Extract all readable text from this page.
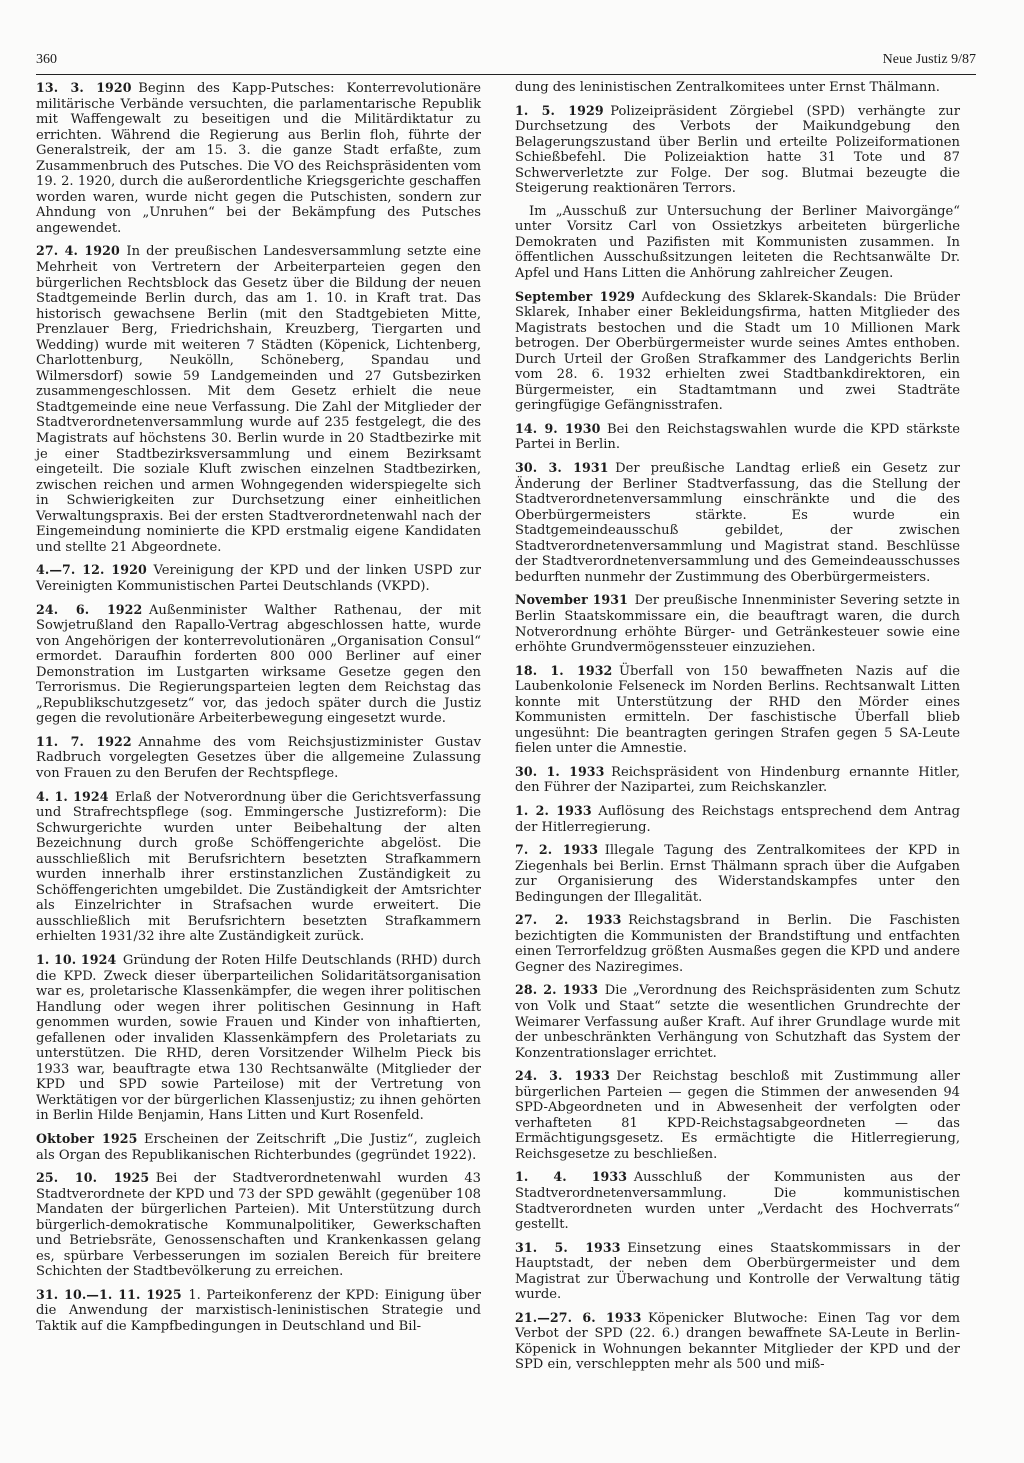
360	Neue Justiz 9/87

13. 3. 1920  Beginn des Kapp-Putsches: Konterrevolutionäre militärische Verbände versuchten, die parlamentarische Republik mit Waffengewalt zu beseitigen und die Militärdiktatur zu errichten. Während die Regierung aus Berlin floh, führte der Generalstreik, der am 15. 3. die ganze Stadt erfaßte, zum Zusammenbruch des Putsches. Die VO des Reichspräsidenten vom 19. 2. 1920, durch die außerordentliche Kriegsgerichte geschaffen worden waren, wurde nicht gegen die Putschisten, sondern zur Ahndung von „Unruhen“ bei der Bekämpfung des Putsches angewendet.

27. 4. 1920  In der preußischen Landesversammlung setzte eine Mehrheit von Vertretern der Arbeiterparteien gegen den bürgerlichen Rechtsblock das Gesetz über die Bildung der neuen Stadtgemeinde Berlin durch, das am 1. 10. in Kraft trat. Das historisch gewachsene Berlin (mit den Stadtgebieten Mitte, Prenzlauer Berg, Friedrichshain, Kreuzberg, Tiergarten und Wedding) wurde mit weiteren 7 Städten (Köpenick, Lichtenberg, Charlottenburg, Neukölln, Schöneberg, Spandau und Wilmersdorf) sowie 59 Landgemeinden und 27 Gutsbezirken zusammengeschlossen. Mit dem Gesetz erhielt die neue Stadtgemeinde eine neue Verfassung. Die Zahl der Mitglieder der Stadtverordnetenversammlung wurde auf 235 festgelegt, die des Magistrats auf höchstens 30. Berlin wurde in 20 Stadtbezirke mit je einer Stadtbezirksversammlung und einem Bezirksamt eingeteilt. Die soziale Kluft zwischen einzelnen Stadtbezirken, zwischen reichen und armen Wohngegenden widerspiegelte sich in Schwierigkeiten zur Durchsetzung einer einheitlichen Verwaltungspraxis. Bei der ersten Stadtverordnetenwahl nach der Eingemeindung nominierte die KPD erstmalig eigene Kandidaten und stellte 21 Abgeordnete.

4.—7. 12. 1920  Vereinigung der KPD und der linken USPD zur Vereinigten Kommunistischen Partei Deutschlands (VKPD).

24. 6. 1922  Außenminister Walther Rathenau, der mit Sowjetrußland den Rapallo-Vertrag abgeschlossen hatte, wurde von Angehörigen der konterrevolutionären „Organisation Consul“ ermordet. Daraufhin forderten 800 000 Berliner auf einer Demonstration im Lustgarten wirksame Gesetze gegen den Terrorismus. Die Regierungsparteien legten dem Reichstag das „Republikschutzgesetz“ vor, das jedoch später durch die Justiz gegen die revolutionäre Arbeiterbewegung eingesetzt wurde.

11. 7. 1922  Annahme des vom Reichsjustizminister Gustav Radbruch vorgelegten Gesetzes über die allgemeine Zulassung von Frauen zu den Berufen der Rechtspflege.

4. 1. 1924  Erlaß der Notverordnung über die Gerichtsverfassung und Strafrechtspflege (sog. Emmingersche Justizreform): Die Schwurgerichte wurden unter Beibehaltung der alten Bezeichnung durch große Schöffengerichte abgelöst. Die ausschließlich mit Berufsrichtern besetzten Strafkammern wurden innerhalb ihrer erstinstanzlichen Zuständigkeit zu Schöffengerichten umgebildet. Die Zuständigkeit der Amtsrichter als Einzelrichter in Strafsachen wurde erweitert. Die ausschließlich mit Berufsrichtern besetzten Strafkammern erhielten 1931/32 ihre alte Zuständigkeit zurück.

1. 10. 1924  Gründung der Roten Hilfe Deutschlands (RHD) durch die KPD. Zweck dieser überparteilichen Solidaritätsorganisation war es, proletarische Klassenkämpfer, die wegen ihrer politischen Handlung oder wegen ihrer politischen Gesinnung in Haft genommen wurden, sowie Frauen und Kinder von inhaftierten, gefallenen oder invaliden Klassenkämpfern des Proletariats zu unterstützen. Die RHD, deren Vorsitzender Wilhelm Pieck bis 1933 war, beauftragte etwa 130 Rechtsanwälte (Mitglieder der KPD und SPD sowie Parteilose) mit der Vertretung von Werktätigen vor der bürgerlichen Klassenjustiz; zu ihnen gehörten in Berlin Hilde Benjamin, Hans Litten und Kurt Rosenfeld.

Oktober 1925  Erscheinen der Zeitschrift „Die Justiz“, zugleich als Organ des Republikanischen Richterbundes (gegründet 1922).

25. 10. 1925  Bei der Stadtverordnetenwahl wurden 43 Stadtverordnete der KPD und 73 der SPD gewählt (gegenüber 108 Mandaten der bürgerlichen Parteien). Mit Unterstützung durch bürgerlich-demokratische Kommunalpolitiker, Gewerkschaften und Betriebsräte, Genossenschaften und Krankenkassen gelang es, spürbare Verbesserungen im sozialen Bereich für breitere Schichten der Stadtbevölkerung zu erreichen.

31. 10.—1. 11. 1925  1. Parteikonferenz der KPD: Einigung über die Anwendung der marxistisch-leninistischen Strategie und Taktik auf die Kampfbedingungen in Deutschland und Bil-

dung des leninistischen Zentralkomitees unter Ernst Thälmann.

1. 5. 1929  Polizeipräsident Zörgiebel (SPD) verhängte zur Durchsetzung des Verbots der Maikundgebung den Belagerungszustand über Berlin und erteilte Polizeiformationen Schießbefehl. Die Polizeiaktion hatte 31 Tote und 87 Schwerverletzte zur Folge. Der sog. Blutmai bezeugte die Steigerung reaktionären Terrors.

Im „Ausschuß zur Untersuchung der Berliner Maivorgänge“ unter Vorsitz Carl von Ossietzkys arbeiteten bürgerliche Demokraten und Pazifisten mit Kommunisten zusammen. In öffentlichen Ausschußsitzungen leiteten die Rechtsanwälte Dr. Apfel und Hans Litten die Anhörung zahlreicher Zeugen.

September 1929  Aufdeckung des Sklarek-Skandals: Die Brüder Sklarek, Inhaber einer Bekleidungsfirma, hatten Mitglieder des Magistrats bestochen und die Stadt um 10 Millionen Mark betrogen. Der Oberbürgermeister wurde seines Amtes enthoben. Durch Urteil der Großen Strafkammer des Landgerichts Berlin vom 28. 6. 1932 erhielten zwei Stadtbankdirektoren, ein Bürgermeister, ein Stadtamtmann und zwei Stadträte geringfügige Gefängnisstrafen.

14. 9. 1930  Bei den Reichstagswahlen wurde die KPD stärkste Partei in Berlin.

30. 3. 1931  Der preußische Landtag erließ ein Gesetz zur Änderung der Berliner Stadtverfassung, das die Stellung der Stadtverordnetenversammlung einschränkte und die des Oberbürgermeisters stärkte. Es wurde ein Stadtgemeindeausschuß gebildet, der zwischen Stadtverordnetenversammlung und Magistrat stand. Beschlüsse der Stadtverordnetenversammlung und des Gemeindeausschusses bedurften nunmehr der Zustimmung des Oberbürgermeisters.

November 1931  Der preußische Innenminister Severing setzte in Berlin Staatskommissare ein, die beauftragt waren, die durch Notverordnung erhöhte Bürger- und Getränkesteuer sowie eine erhöhte Grundvermögenssteuer einzuziehen.

18. 1. 1932  Überfall von 150 bewaffneten Nazis auf die Laubenkolonie Felseneck im Norden Berlins. Rechtsanwalt Litten konnte mit Unterstützung der RHD den Mörder eines Kommunisten ermitteln. Der faschistische Überfall blieb ungesühnt: Die beantragten geringen Strafen gegen 5 SA-Leute fielen unter die Amnestie.

30. 1. 1933  Reichspräsident von Hindenburg ernannte Hitler, den Führer der Nazipartei, zum Reichskanzler.

1. 2. 1933  Auflösung des Reichstags entsprechend dem Antrag der Hitlerregierung.

7. 2. 1933  Illegale Tagung des Zentralkomitees der KPD in Ziegenhals bei Berlin. Ernst Thälmann sprach über die Aufgaben zur Organisierung des Widerstandskampfes unter den Bedingungen der Illegalität.

27. 2. 1933  Reichstagsbrand in Berlin. Die Faschisten bezichtigten die Kommunisten der Brandstiftung und entfachten einen Terrorfeldzug größten Ausmaßes gegen die KPD und andere Gegner des Naziregimes.

28. 2. 1933  Die „Verordnung des Reichspräsidenten zum Schutz von Volk und Staat“ setzte die wesentlichen Grundrechte der Weimarer Verfassung außer Kraft. Auf ihrer Grundlage wurde mit der unbeschränkten Verhängung von Schutzhaft das System der Konzentrationslager errichtet.

24. 3. 1933  Der Reichstag beschloß mit Zustimmung aller bürgerlichen Parteien — gegen die Stimmen der anwesenden 94 SPD-Abgeordneten und in Abwesenheit der verfolgten oder verhafteten 81 KPD-Reichstagsabgeordneten — das Ermächtigungsgesetz. Es ermächtigte die Hitlerregierung, Reichsgesetze zu beschließen.

1. 4. 1933  Ausschluß der Kommunisten aus der Stadtverordnetenversammlung. Die kommunistischen Stadtverordneten wurden unter „Verdacht des Hochverrats“ gestellt.

31. 5. 1933  Einsetzung eines Staatskommissars in der Hauptstadt, der neben dem Oberbürgermeister und dem Magistrat zur Überwachung und Kontrolle der Verwaltung tätig wurde.

21.—27. 6. 1933  Köpenicker Blutwoche: Einen Tag vor dem Verbot der SPD (22. 6.) drangen bewaffnete SA-Leute in Berlin-Köpenick in Wohnungen bekannter Mitglieder der KPD und der SPD ein, verschleppten mehr als 500 und miß-
